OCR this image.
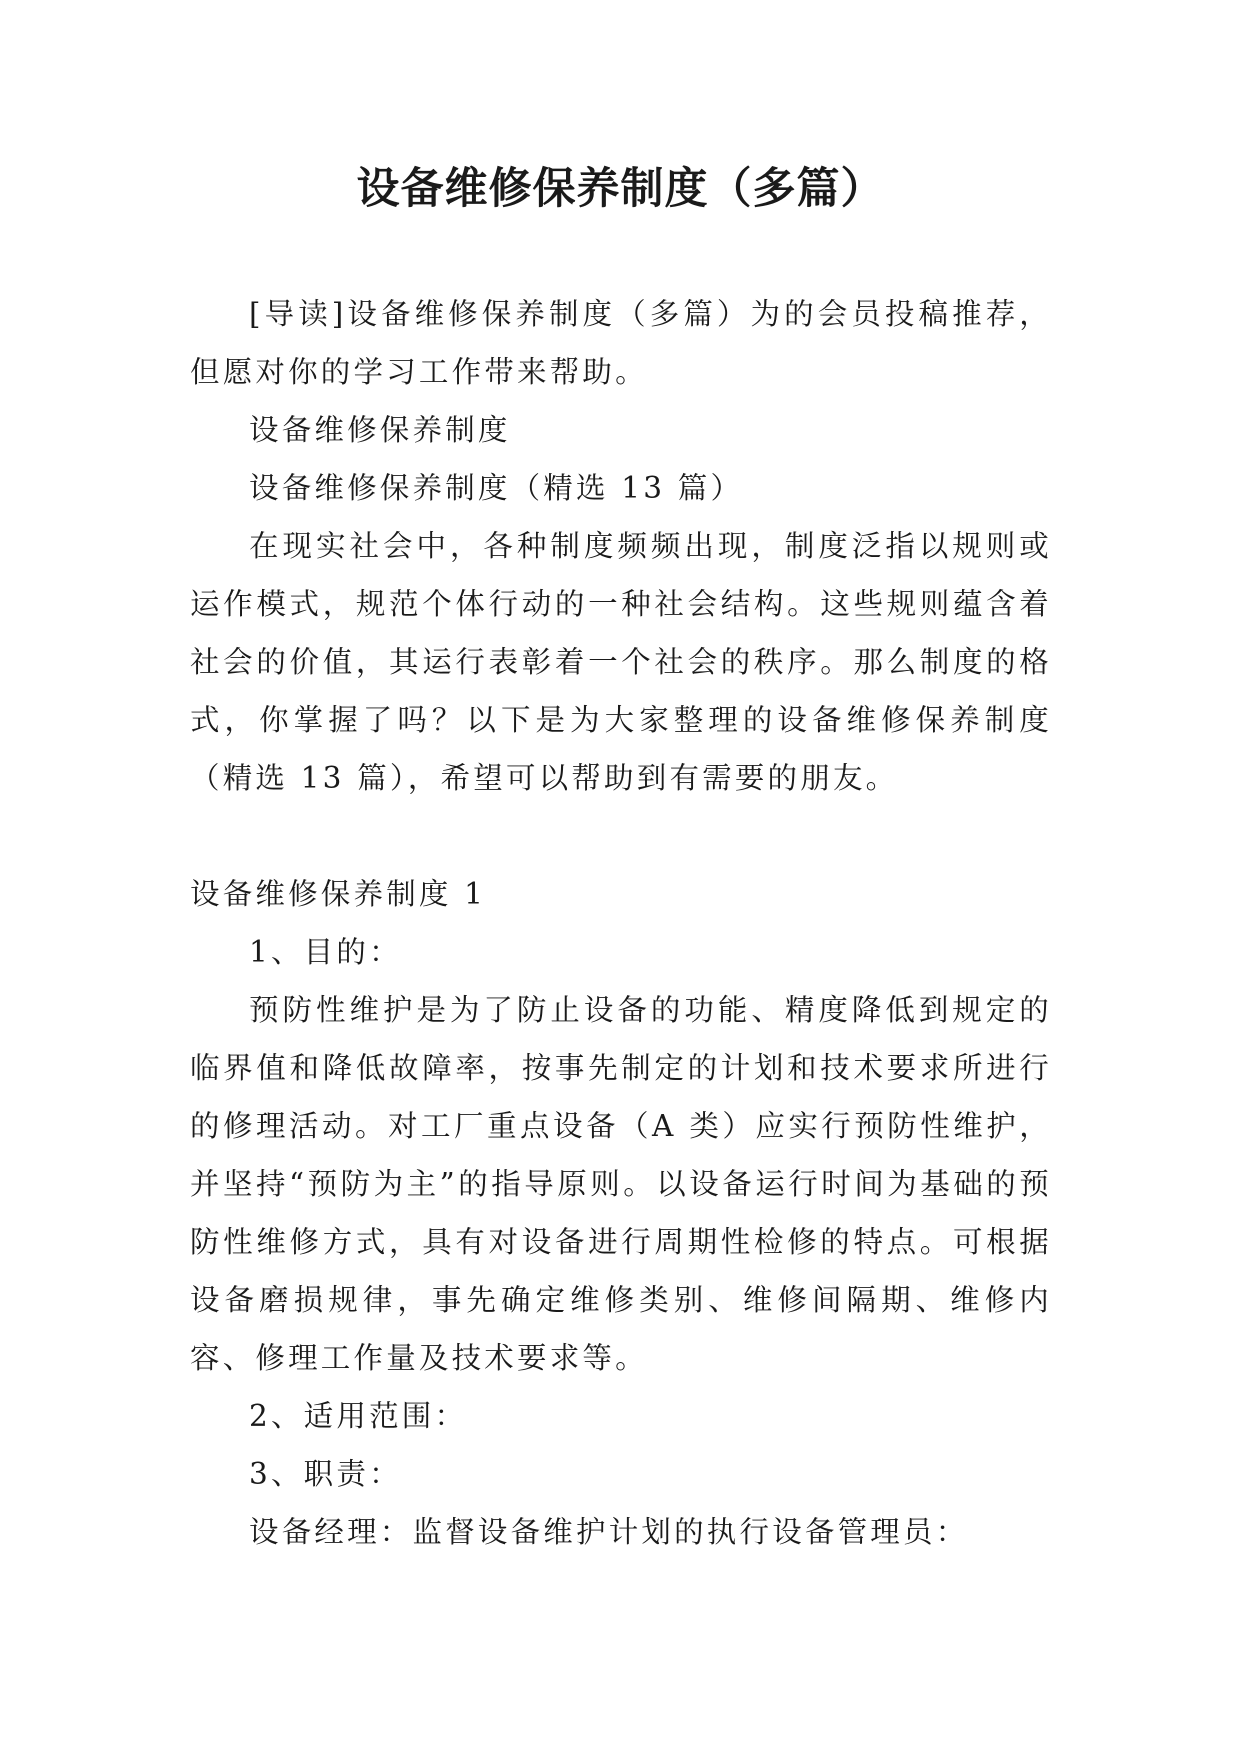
设备维修保养制度（多篇）

[导读]设备维修保养制度（多篇）为的会员投稿推荐，但愿对你的学习工作带来帮助。

设备维修保养制度

设备维修保养制度（精选 13 篇）

在现实社会中，各种制度频频出现，制度泛指以规则或运作模式，规范个体行动的一种社会结构。这些规则蕴含着社会的价值，其运行表彰着一个社会的秩序。那么制度的格式，你掌握了吗？以下是为大家整理的设备维修保养制度（精选 13 篇），希望可以帮助到有需要的朋友。

设备维修保养制度 1

1、目的：

预防性维护是为了防止设备的功能、精度降低到规定的临界值和降低故障率，按事先制定的计划和技术要求所进行的修理活动。对工厂重点设备（A 类）应实行预防性维护，并坚持“预防为主”的指导原则。以设备运行时间为基础的预防性维修方式，具有对设备进行周期性检修的特点。可根据设备磨损规律，事先确定维修类别、维修间隔期、维修内容、修理工作量及技术要求等。

2、适用范围：

3、职责：

设备经理：监督设备维护计划的执行设备管理员：
